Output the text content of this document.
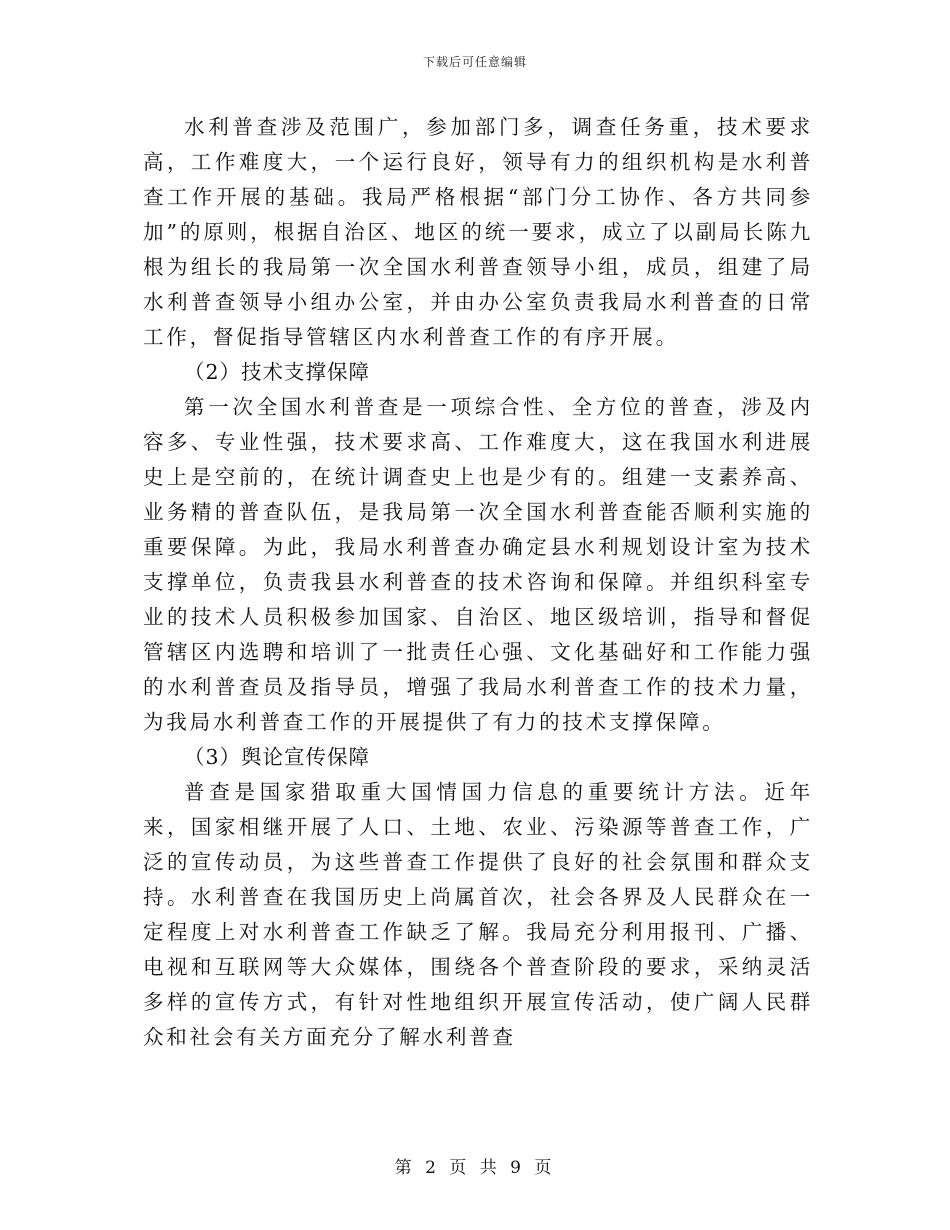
下载后可任意编辑

水利普查涉及范围广，参加部门多，调查任务重，技术要求高，工作难度大，一个运行良好，领导有力的组织机构是水利普查工作开展的基础。我局严格根据“部门分工协作、各方共同参加”的原则，根据自治区、地区的统一要求，成立了以副局长陈九根为组长的我局第一次全国水利普查领导小组，成员，组建了局水利普查领导小组办公室，并由办公室负责我局水利普查的日常工作，督促指导管辖区内水利普查工作的有序开展。

（2）技术支撑保障

第一次全国水利普查是一项综合性、全方位的普查，涉及内容多、专业性强，技术要求高、工作难度大，这在我国水利进展史上是空前的，在统计调查史上也是少有的。组建一支素养高、业务精的普查队伍，是我局第一次全国水利普查能否顺利实施的重要保障。为此，我局水利普查办确定县水利规划设计室为技术支撑单位，负责我县水利普查的技术咨询和保障。并组织科室专业的技术人员积极参加国家、自治区、地区级培训，指导和督促管辖区内选聘和培训了一批责任心强、文化基础好和工作能力强的水利普查员及指导员，增强了我局水利普查工作的技术力量，为我局水利普查工作的开展提供了有力的技术支撑保障。

（3）舆论宣传保障

普查是国家猎取重大国情国力信息的重要统计方法。近年来，国家相继开展了人口、土地、农业、污染源等普查工作，广泛的宣传动员，为这些普查工作提供了良好的社会氛围和群众支持。水利普查在我国历史上尚属首次，社会各界及人民群众在一定程度上对水利普查工作缺乏了解。我局充分利用报刊、广播、电视和互联网等大众媒体，围绕各个普查阶段的要求，采纳灵活多样的宣传方式，有针对性地组织开展宣传活动，使广阔人民群众和社会有关方面充分了解水利普查

第 2 页 共 9 页
